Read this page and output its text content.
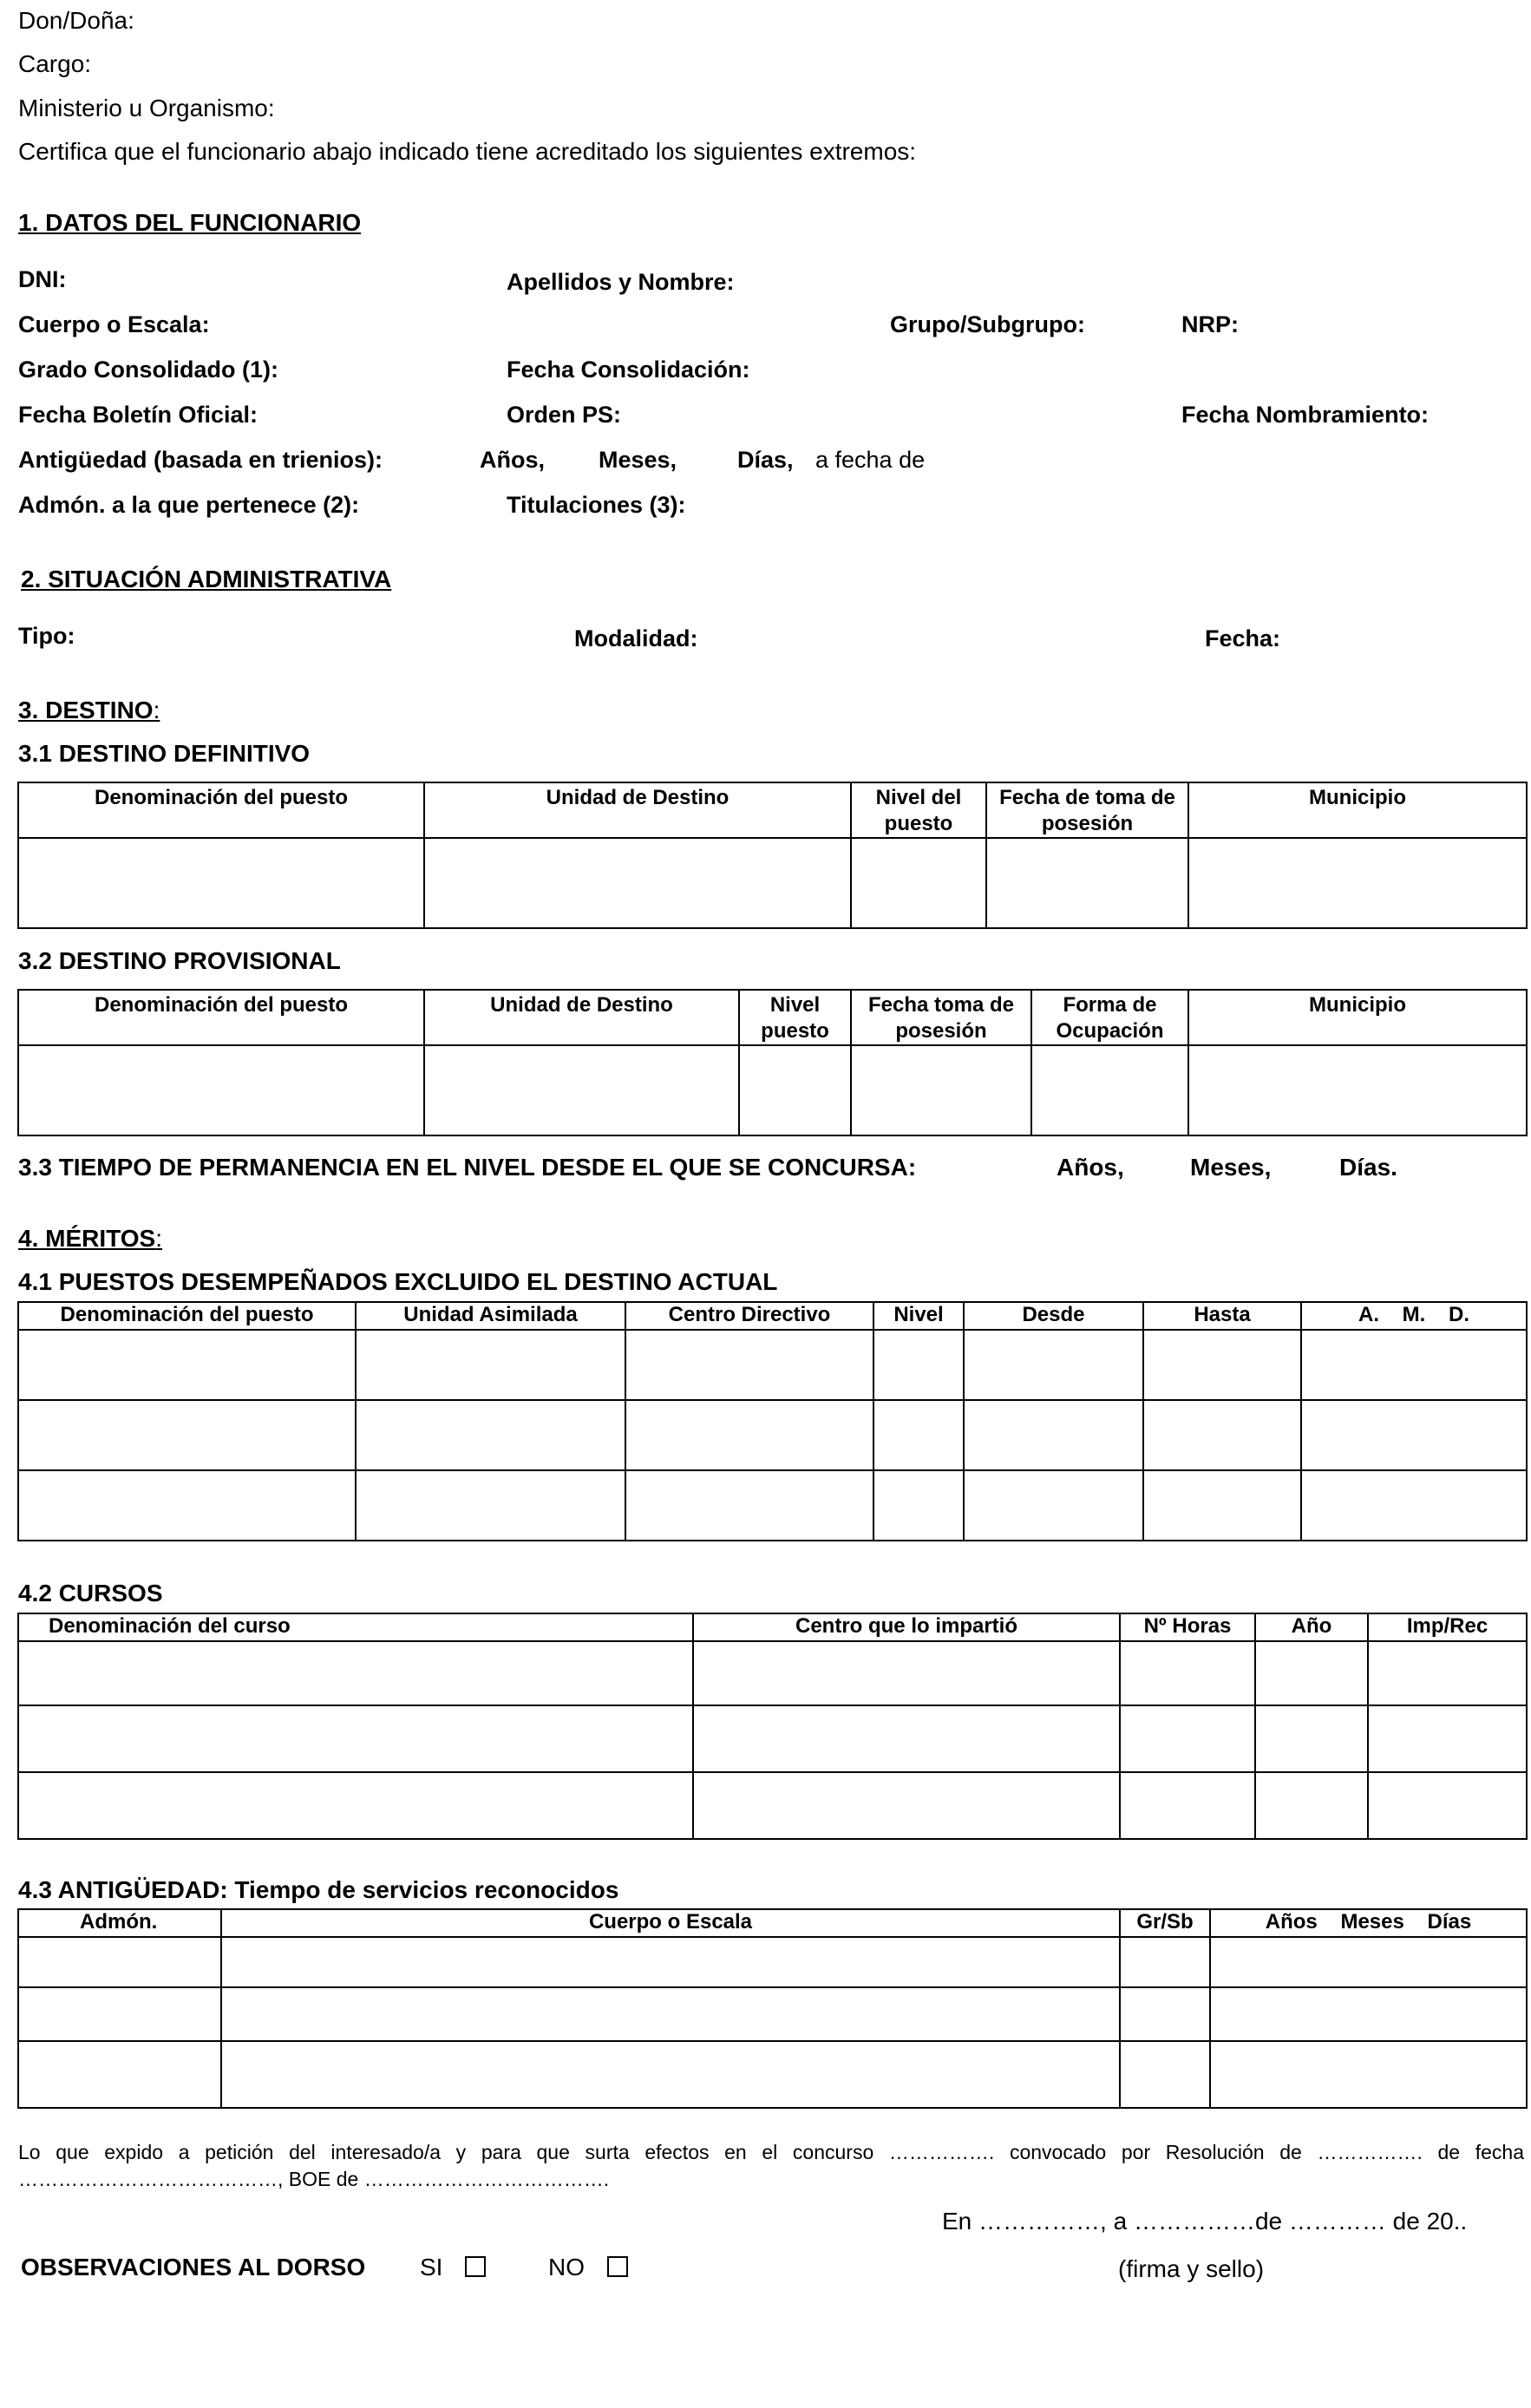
Don/Doña:
Cargo:
Ministerio u Organismo:
Certifica que el funcionario abajo indicado tiene acreditado los siguientes extremos:
1. DATOS DEL FUNCIONARIO
DNI:	Apellidos y Nombre:
Cuerpo o Escala:	Grupo/Subgrupo:	NRP:
Grado Consolidado (1):	Fecha Consolidación:
Fecha Boletín Oficial:	Orden PS:	Fecha Nombramiento:
Antigüedad (basada en trienios):	Años, Meses,	Días, a fecha de
Admón. a la que pertenece (2):	Titulaciones (3):
2. SITUACIÓN ADMINISTRATIVA
Tipo:	Modalidad:	Fecha:
3. DESTINO:
3.1 DESTINO DEFINITIVO
Denominación del puesto	Unidad de Destino	Nivel del puesto	Fecha de toma de posesión	Municipio

3.2 DESTINO PROVISIONAL
Denominación del puesto	Unidad de Destino	Nivel puesto	Fecha toma de posesión	Forma de Ocupación	Municipio

3.3 TIEMPO DE PERMANENCIA EN EL NIVEL DESDE EL QUE SE CONCURSA:	Años,	Meses,	Días.
4. MÉRITOS:
4.1 PUESTOS DESEMPEÑADOS EXCLUIDO EL DESTINO ACTUAL
Denominación del puesto	Unidad Asimilada	Centro Directivo	Nivel	Desde	Hasta	A.    M.    D.

4.2 CURSOS
Denominación del curso	Centro que lo impartió	Nº Horas	Año	Imp/Rec

4.3 ANTIGÜEDAD: Tiempo de servicios reconocidos
Admón.	Cuerpo o Escala	Gr/Sb	Años    Meses    Días

Lo que expido a petición del interesado/a y para que surta efectos en el concurso ……………. convocado por Resolución de ……………. de fecha …………………………………, BOE de ……………………………….
En ……………, a ……………de ………… de 20..
OBSERVACIONES AL DORSO SI	NO	(firma y sello)
